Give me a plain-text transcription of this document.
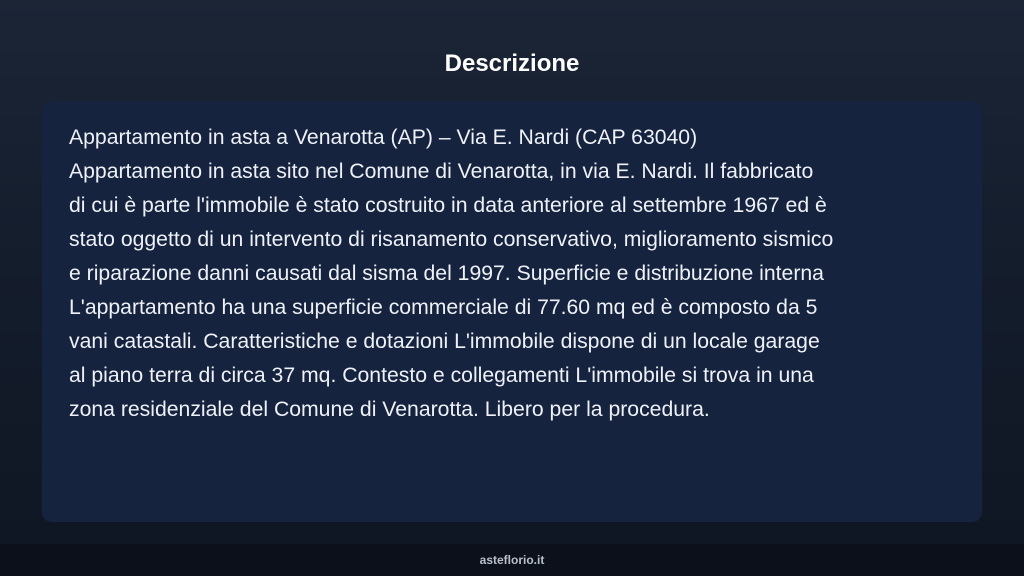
Descrizione

Appartamento in asta a Venarotta (AP) – Via E. Nardi (CAP 63040)
Appartamento in asta sito nel Comune di Venarotta, in via E. Nardi. Il fabbricato
di cui è parte l'immobile è stato costruito in data anteriore al settembre 1967 ed è
stato oggetto di un intervento di risanamento conservativo, miglioramento sismico
e riparazione danni causati dal sisma del 1997. Superficie e distribuzione interna
L'appartamento ha una superficie commerciale di 77.60 mq ed è composto da 5
vani catastali. Caratteristiche e dotazioni L'immobile dispone di un locale garage
al piano terra di circa 37 mq. Contesto e collegamenti L'immobile si trova in una
zona residenziale del Comune di Venarotta. Libero per la procedura.

asteflorio.it
